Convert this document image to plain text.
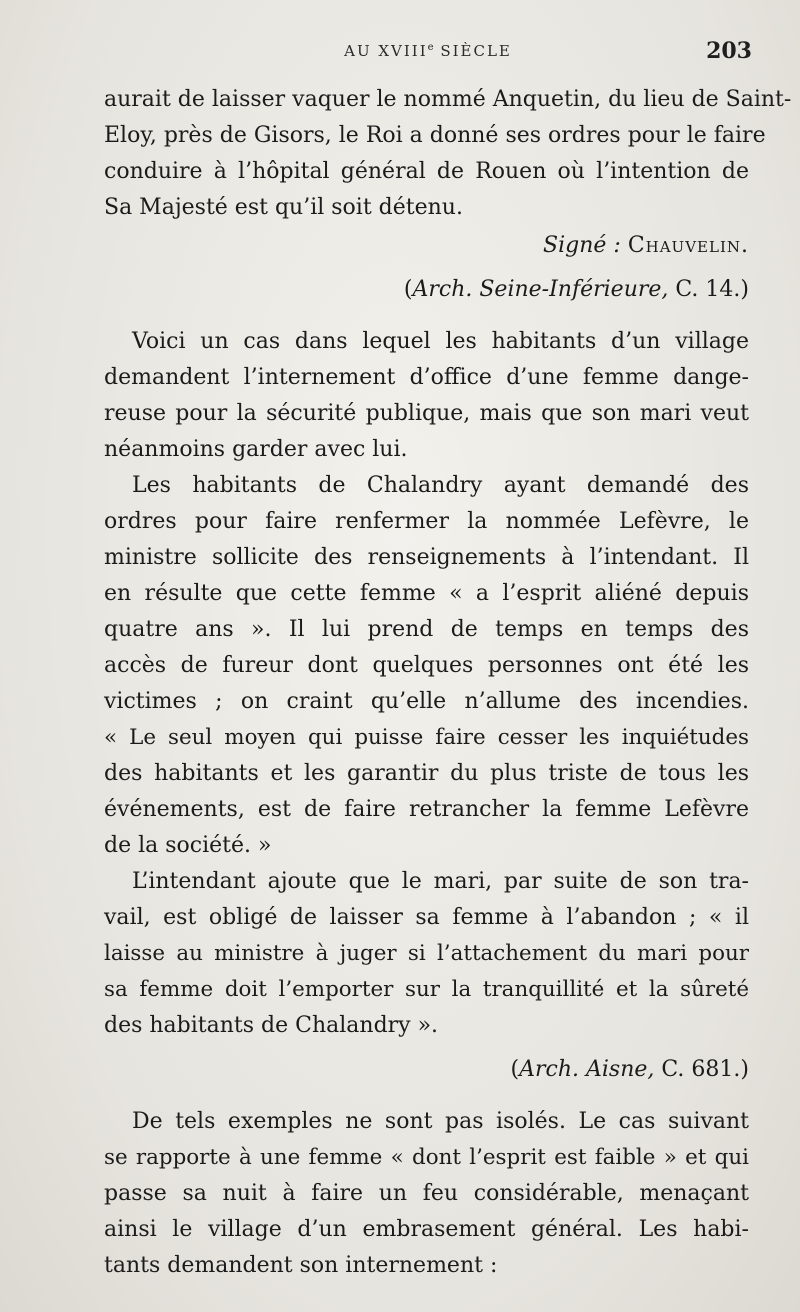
AU XVIIIe SIÈCLE	203
aurait de laisser vaquer le nommé Anquetin, du lieu de Saint-
Eloy, près de Gisors, le Roi a donné ses ordres pour le faire
conduire à l’hôpital général de Rouen où l’intention de
Sa Majesté est qu’il soit détenu.
Signé : Chauvelin.
(Arch. Seine-Inférieure, C. 14.)
Voici un cas dans lequel les habitants d’un village
demandent l’internement d’office d’une femme dange-
reuse pour la sécurité publique, mais que son mari veut
néanmoins garder avec lui.
Les habitants de Chalandry ayant demandé des
ordres pour faire renfermer la nommée Lefèvre, le
ministre sollicite des renseignements à l’intendant. Il
en résulte que cette femme « a l’esprit aliéné depuis
quatre ans ». Il lui prend de temps en temps des
accès de fureur dont quelques personnes ont été les
victimes ; on craint qu’elle n’allume des incendies.
« Le seul moyen qui puisse faire cesser les inquiétudes
des habitants et les garantir du plus triste de tous les
événements, est de faire retrancher la femme Lefèvre
de la société. »
L’intendant ajoute que le mari, par suite de son tra-
vail, est obligé de laisser sa femme à l’abandon ; « il
laisse au ministre à juger si l’attachement du mari pour
sa femme doit l’emporter sur la tranquillité et la sûreté
des habitants de Chalandry ».
(Arch. Aisne, C. 681.)
De tels exemples ne sont pas isolés. Le cas suivant
se rapporte à une femme « dont l’esprit est faible » et qui
passe sa nuit à faire un feu considérable, menaçant
ainsi le village d’un embrasement général. Les habi-
tants demandent son internement :
